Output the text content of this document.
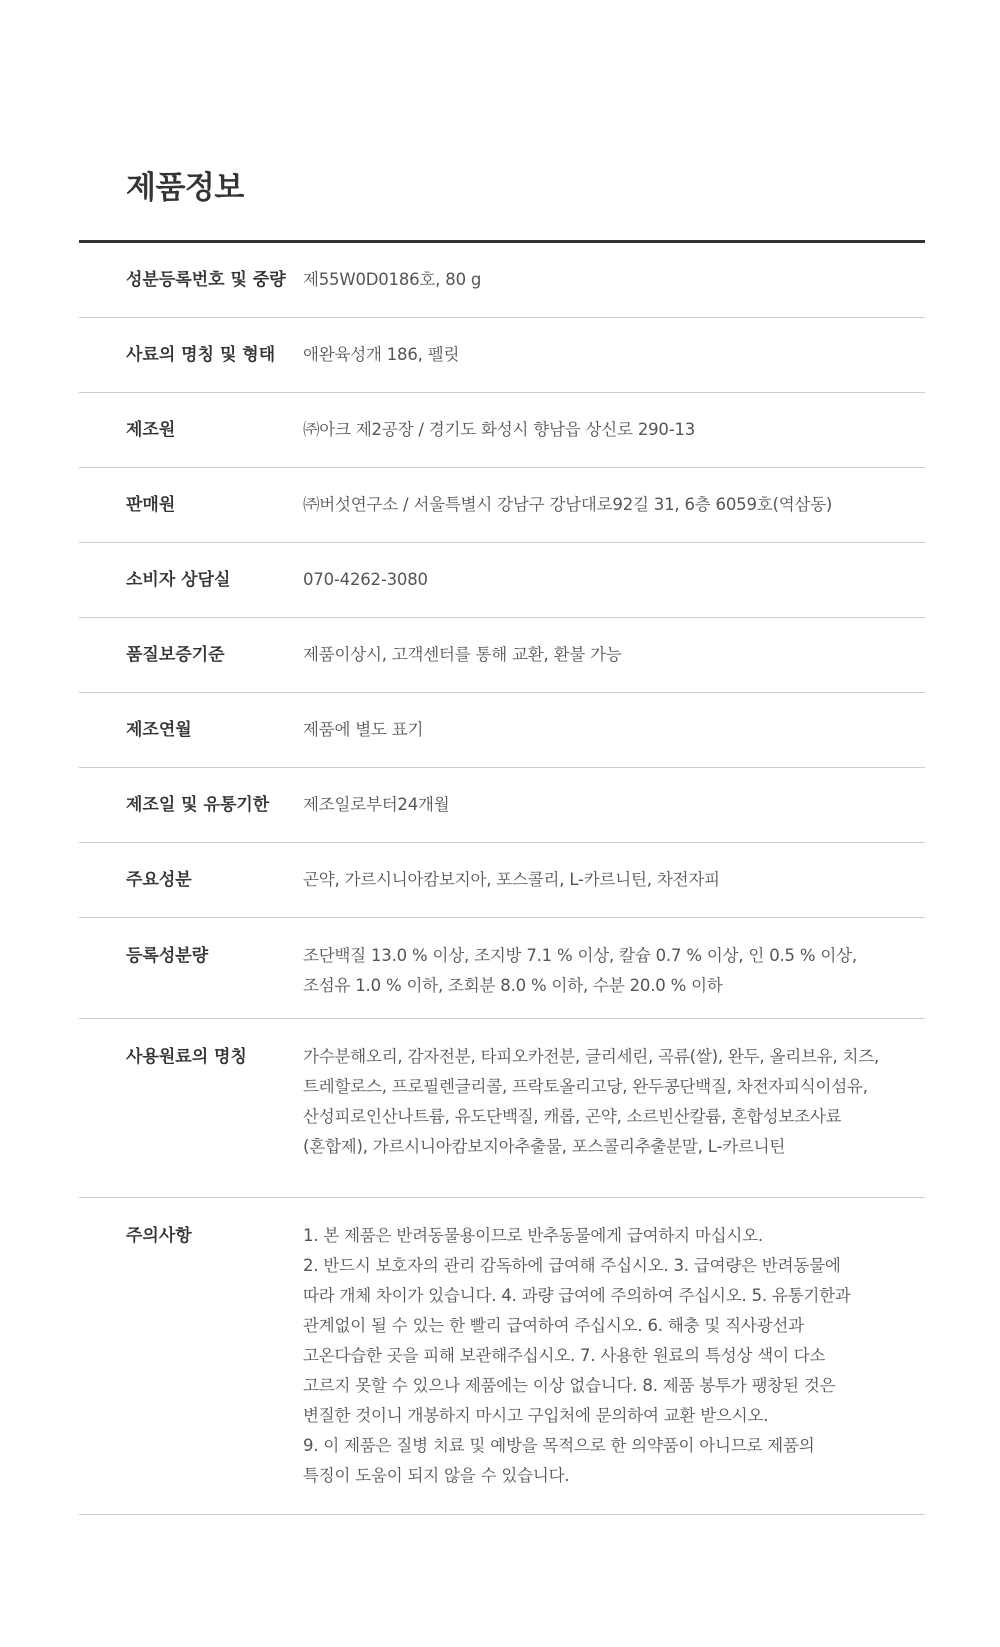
제품정보
성분등록번호 및 중량	제55W0D0186호, 80 g
사료의 명칭 및 형태	애완육성개 186, 펠릿
제조원	㈜아크 제2공장 / 경기도 화성시 향남읍 상신로 290-13
판매원	㈜버섯연구소 / 서울특별시 강남구 강남대로92길 31, 6층 6059호(역삼동)
소비자 상담실	070-4262-3080
품질보증기준	제품이상시, 고객센터를 통해 교환, 환불 가능
제조연월	제품에 별도 표기
제조일 및 유통기한	제조일로부터24개월
주요성분	곤약, 가르시니아캄보지아, 포스콜리, L-카르니틴, 차전자피
등록성분량	조단백질 13.0 % 이상, 조지방 7.1 % 이상, 칼슘 0.7 % 이상, 인 0.5 % 이상,
조섬유 1.0 % 이하, 조회분 8.0 % 이하, 수분 20.0 % 이하
사용원료의 명칭	가수분해오리, 감자전분, 타피오카전분, 글리세린, 곡류(쌀), 완두, 올리브유, 치즈,
트레할로스, 프로필렌글리콜, 프락토올리고당, 완두콩단백질, 차전자피식이섬유,
산성피로인산나트륨, 유도단백질, 캐롭, 곤약, 소르빈산칼륨, 혼합성보조사료
(혼합제), 가르시니아캄보지아추출물, 포스콜리추출분말, L-카르니틴
주의사항	1. 본 제품은 반려동물용이므로 반추동물에게 급여하지 마십시오.
2. 반드시 보호자의 관리 감독하에 급여해 주십시오. 3. 급여량은 반려동물에
따라 개체 차이가 있습니다. 4. 과량 급여에 주의하여 주십시오. 5. 유통기한과
관계없이 될 수 있는 한 빨리 급여하여 주십시오. 6. 해충 및 직사광선과
고온다습한 곳을 피해 보관해주십시오. 7. 사용한 원료의 특성상 색이 다소
고르지 못할 수 있으나 제품에는 이상 없습니다. 8. 제품 봉투가 팽창된 것은
변질한 것이니 개봉하지 마시고 구입처에 문의하여 교환 받으시오.
9. 이 제품은 질병 치료 및 예방을 목적으로 한 의약품이 아니므로 제품의
특징이 도움이 되지 않을 수 있습니다.
